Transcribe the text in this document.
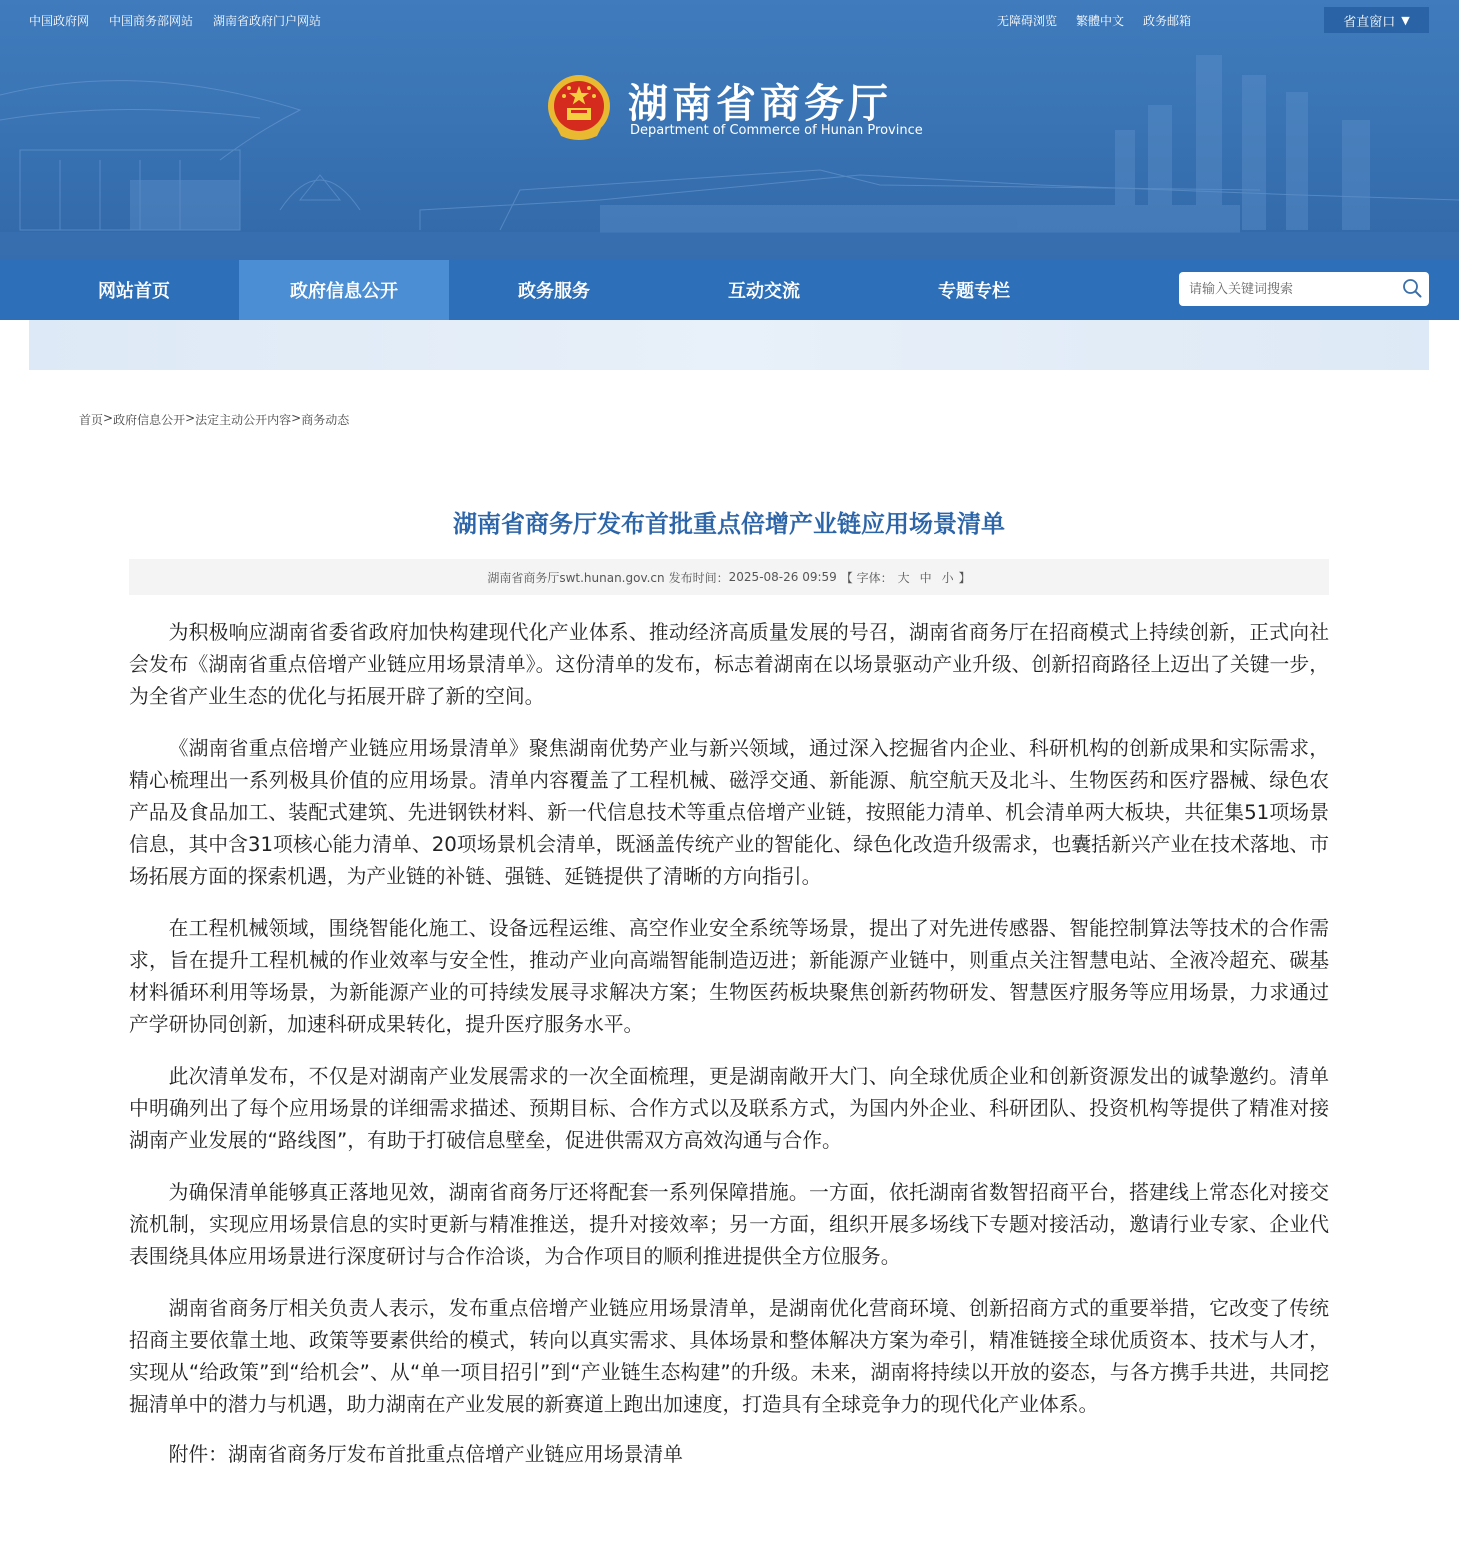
中国政府网 中国商务部网站 湖南省政府门户网站	无障碍浏览 繁體中文 政务邮箱	省直窗口 ▼
湖南省商务厅
Department of Commerce of Hunan Province
网站首页	政府信息公开	政务服务	互动交流	专题专栏
请输入关键词搜索
首页 > 政府信息公开 > 法定主动公开内容 > 商务动态
湖南省商务厅发布首批重点倍增产业链应用场景清单
湖南省商务厅swt.hunan.gov.cn 发布时间： 2025-08-26 09:59 【 字体： 大 中 小 】

为积极响应湖南省委省政府加快构建现代化产业体系、推动经济高质量发展的号召，湖南省商务厅在招商模式上持续创新，正式向社会发布《湖南省重点倍增产业链应用场景清单》。这份清单的发布，标志着湖南在以场景驱动产业升级、创新招商路径上迈出了关键一步，为全省产业生态的优化与拓展开辟了新的空间。

《湖南省重点倍增产业链应用场景清单》聚焦湖南优势产业与新兴领域，通过深入挖掘省内企业、科研机构的创新成果和实际需求，精心梳理出一系列极具价值的应用场景。清单内容覆盖了工程机械、磁浮交通、新能源、航空航天及北斗、生物医药和医疗器械、绿色农产品及食品加工、装配式建筑、先进钢铁材料、新一代信息技术等重点倍增产业链，按照能力清单、机会清单两大板块，共征集51项场景信息，其中含31项核心能力清单、20项场景机会清单，既涵盖传统产业的智能化、绿色化改造升级需求，也囊括新兴产业在技术落地、市场拓展方面的探索机遇，为产业链的补链、强链、延链提供了清晰的方向指引。

在工程机械领域，围绕智能化施工、设备远程运维、高空作业安全系统等场景，提出了对先进传感器、智能控制算法等技术的合作需求，旨在提升工程机械的作业效率与安全性，推动产业向高端智能制造迈进；新能源产业链中，则重点关注智慧电站、全液冷超充、碳基材料循环利用等场景，为新能源产业的可持续发展寻求解决方案；生物医药板块聚焦创新药物研发、智慧医疗服务等应用场景，力求通过产学研协同创新，加速科研成果转化，提升医疗服务水平。

此次清单发布，不仅是对湖南产业发展需求的一次全面梳理，更是湖南敞开大门、向全球优质企业和创新资源发出的诚挚邀约。清单中明确列出了每个应用场景的详细需求描述、预期目标、合作方式以及联系方式，为国内外企业、科研团队、投资机构等提供了精准对接湖南产业发展的“路线图”，有助于打破信息壁垒，促进供需双方高效沟通与合作。

为确保清单能够真正落地见效，湖南省商务厅还将配套一系列保障措施。一方面，依托湖南省数智招商平台，搭建线上常态化对接交流机制，实现应用场景信息的实时更新与精准推送，提升对接效率；另一方面，组织开展多场线下专题对接活动，邀请行业专家、企业代表围绕具体应用场景进行深度研讨与合作洽谈，为合作项目的顺利推进提供全方位服务。

湖南省商务厅相关负责人表示，发布重点倍增产业链应用场景清单，是湖南优化营商环境、创新招商方式的重要举措，它改变了传统招商主要依靠土地、政策等要素供给的模式，转向以真实需求、具体场景和整体解决方案为牵引，精准链接全球优质资本、技术与人才，实现从“给政策”到“给机会”、从“单一项目招引”到“产业链生态构建”的升级。未来，湖南将持续以开放的姿态，与各方携手共进，共同挖掘清单中的潜力与机遇，助力湖南在产业发展的新赛道上跑出加速度，打造具有全球竞争力的现代化产业体系。

附件：湖南省商务厅发布首批重点倍增产业链应用场景清单
